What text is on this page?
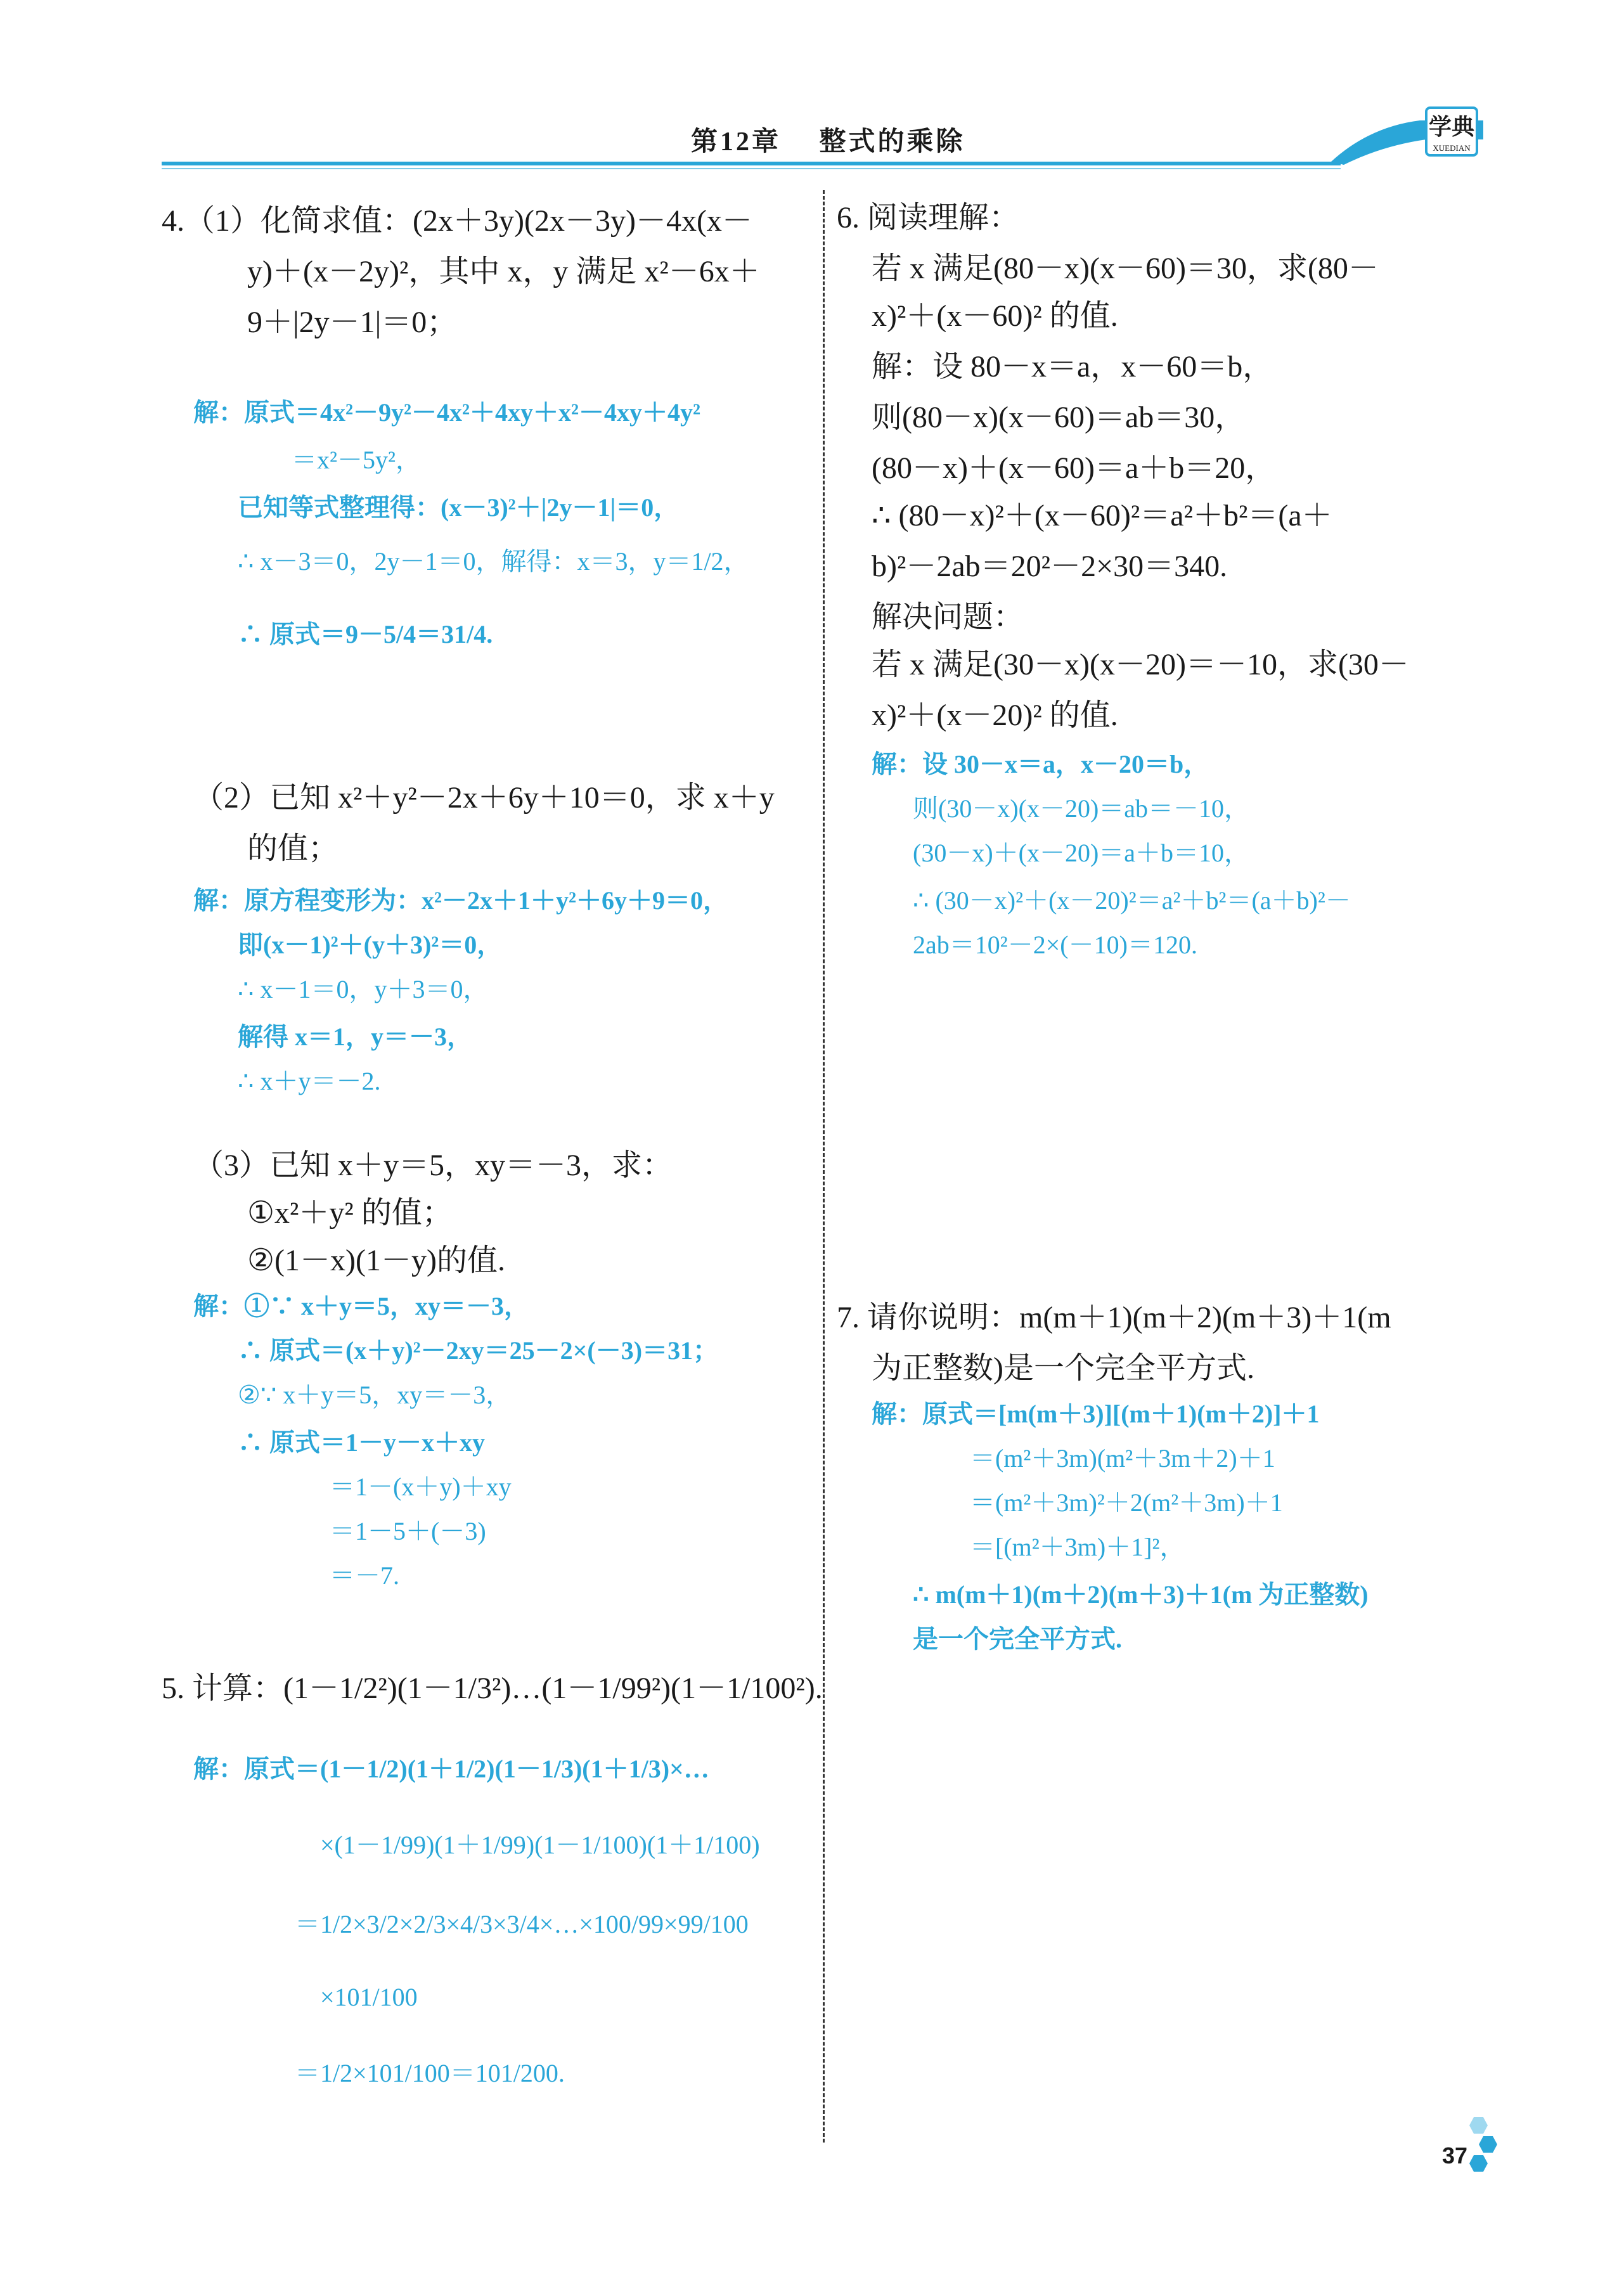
第12章　 整式的乘除
学典
XUEDIAN
4.（1）化简求值：(2x＋3y)(2x－3y)－4x(x－
y)＋(x－2y)²，其中 x，y 满足 x²－6x＋
9＋|2y－1|＝0；
解：原式＝4x²－9y²－4x²＋4xy＋x²－4xy＋4y²
＝x²－5y²，
已知等式整理得：(x－3)²＋|2y－1|＝0，
∴ x－3＝0，2y－1＝0，解得：x＝3，y＝1/2，
∴ 原式＝9－5/4＝31/4.
（2）已知 x²＋y²－2x＋6y＋10＝0，求 x＋y
的值；
解：原方程变形为：x²－2x＋1＋y²＋6y＋9＝0，
即(x－1)²＋(y＋3)²＝0，
∴ x－1＝0，y＋3＝0，
解得 x＝1，y＝－3，
∴ x＋y＝－2.
（3）已知 x＋y＝5，xy＝－3，求：
①x²＋y² 的值；
②(1－x)(1－y)的值.
解：①∵ x＋y＝5，xy＝－3，
∴ 原式＝(x＋y)²－2xy＝25－2×(－3)＝31；
②∵ x＋y＝5，xy＝－3，
∴ 原式＝1－y－x＋xy
＝1－(x＋y)＋xy
＝1－5＋(－3)
＝－7.
5. 计算：(1－1/2²)(1－1/3²)…(1－1/99²)(1－1/100²).
解：原式＝(1－1/2)(1＋1/2)(1－1/3)(1＋1/3)×…
×(1－1/99)(1＋1/99)(1－1/100)(1＋1/100)
＝1/2×3/2×2/3×4/3×3/4×…×100/99×99/100
×101/100
＝1/2×101/100＝101/200.
6. 阅读理解：
若 x 满足(80－x)(x－60)＝30，求(80－
x)²＋(x－60)² 的值.
解：设 80－x＝a，x－60＝b，
则(80－x)(x－60)＝ab＝30，
(80－x)＋(x－60)＝a＋b＝20，
∴ (80－x)²＋(x－60)²＝a²＋b²＝(a＋
b)²－2ab＝20²－2×30＝340.
解决问题：
若 x 满足(30－x)(x－20)＝－10，求(30－
x)²＋(x－20)² 的值.
解：设 30－x＝a，x－20＝b，
则(30－x)(x－20)＝ab＝－10，
(30－x)＋(x－20)＝a＋b＝10，
∴ (30－x)²＋(x－20)²＝a²＋b²＝(a＋b)²－
2ab＝10²－2×(－10)＝120.
7. 请你说明：m(m＋1)(m＋2)(m＋3)＋1(m
为正整数)是一个完全平方式.
解：原式＝[m(m＋3)][(m＋1)(m＋2)]＋1
＝(m²＋3m)(m²＋3m＋2)＋1
＝(m²＋3m)²＋2(m²＋3m)＋1
＝[(m²＋3m)＋1]²，
∴ m(m＋1)(m＋2)(m＋3)＋1(m 为正整数)
是一个完全平方式.
37
